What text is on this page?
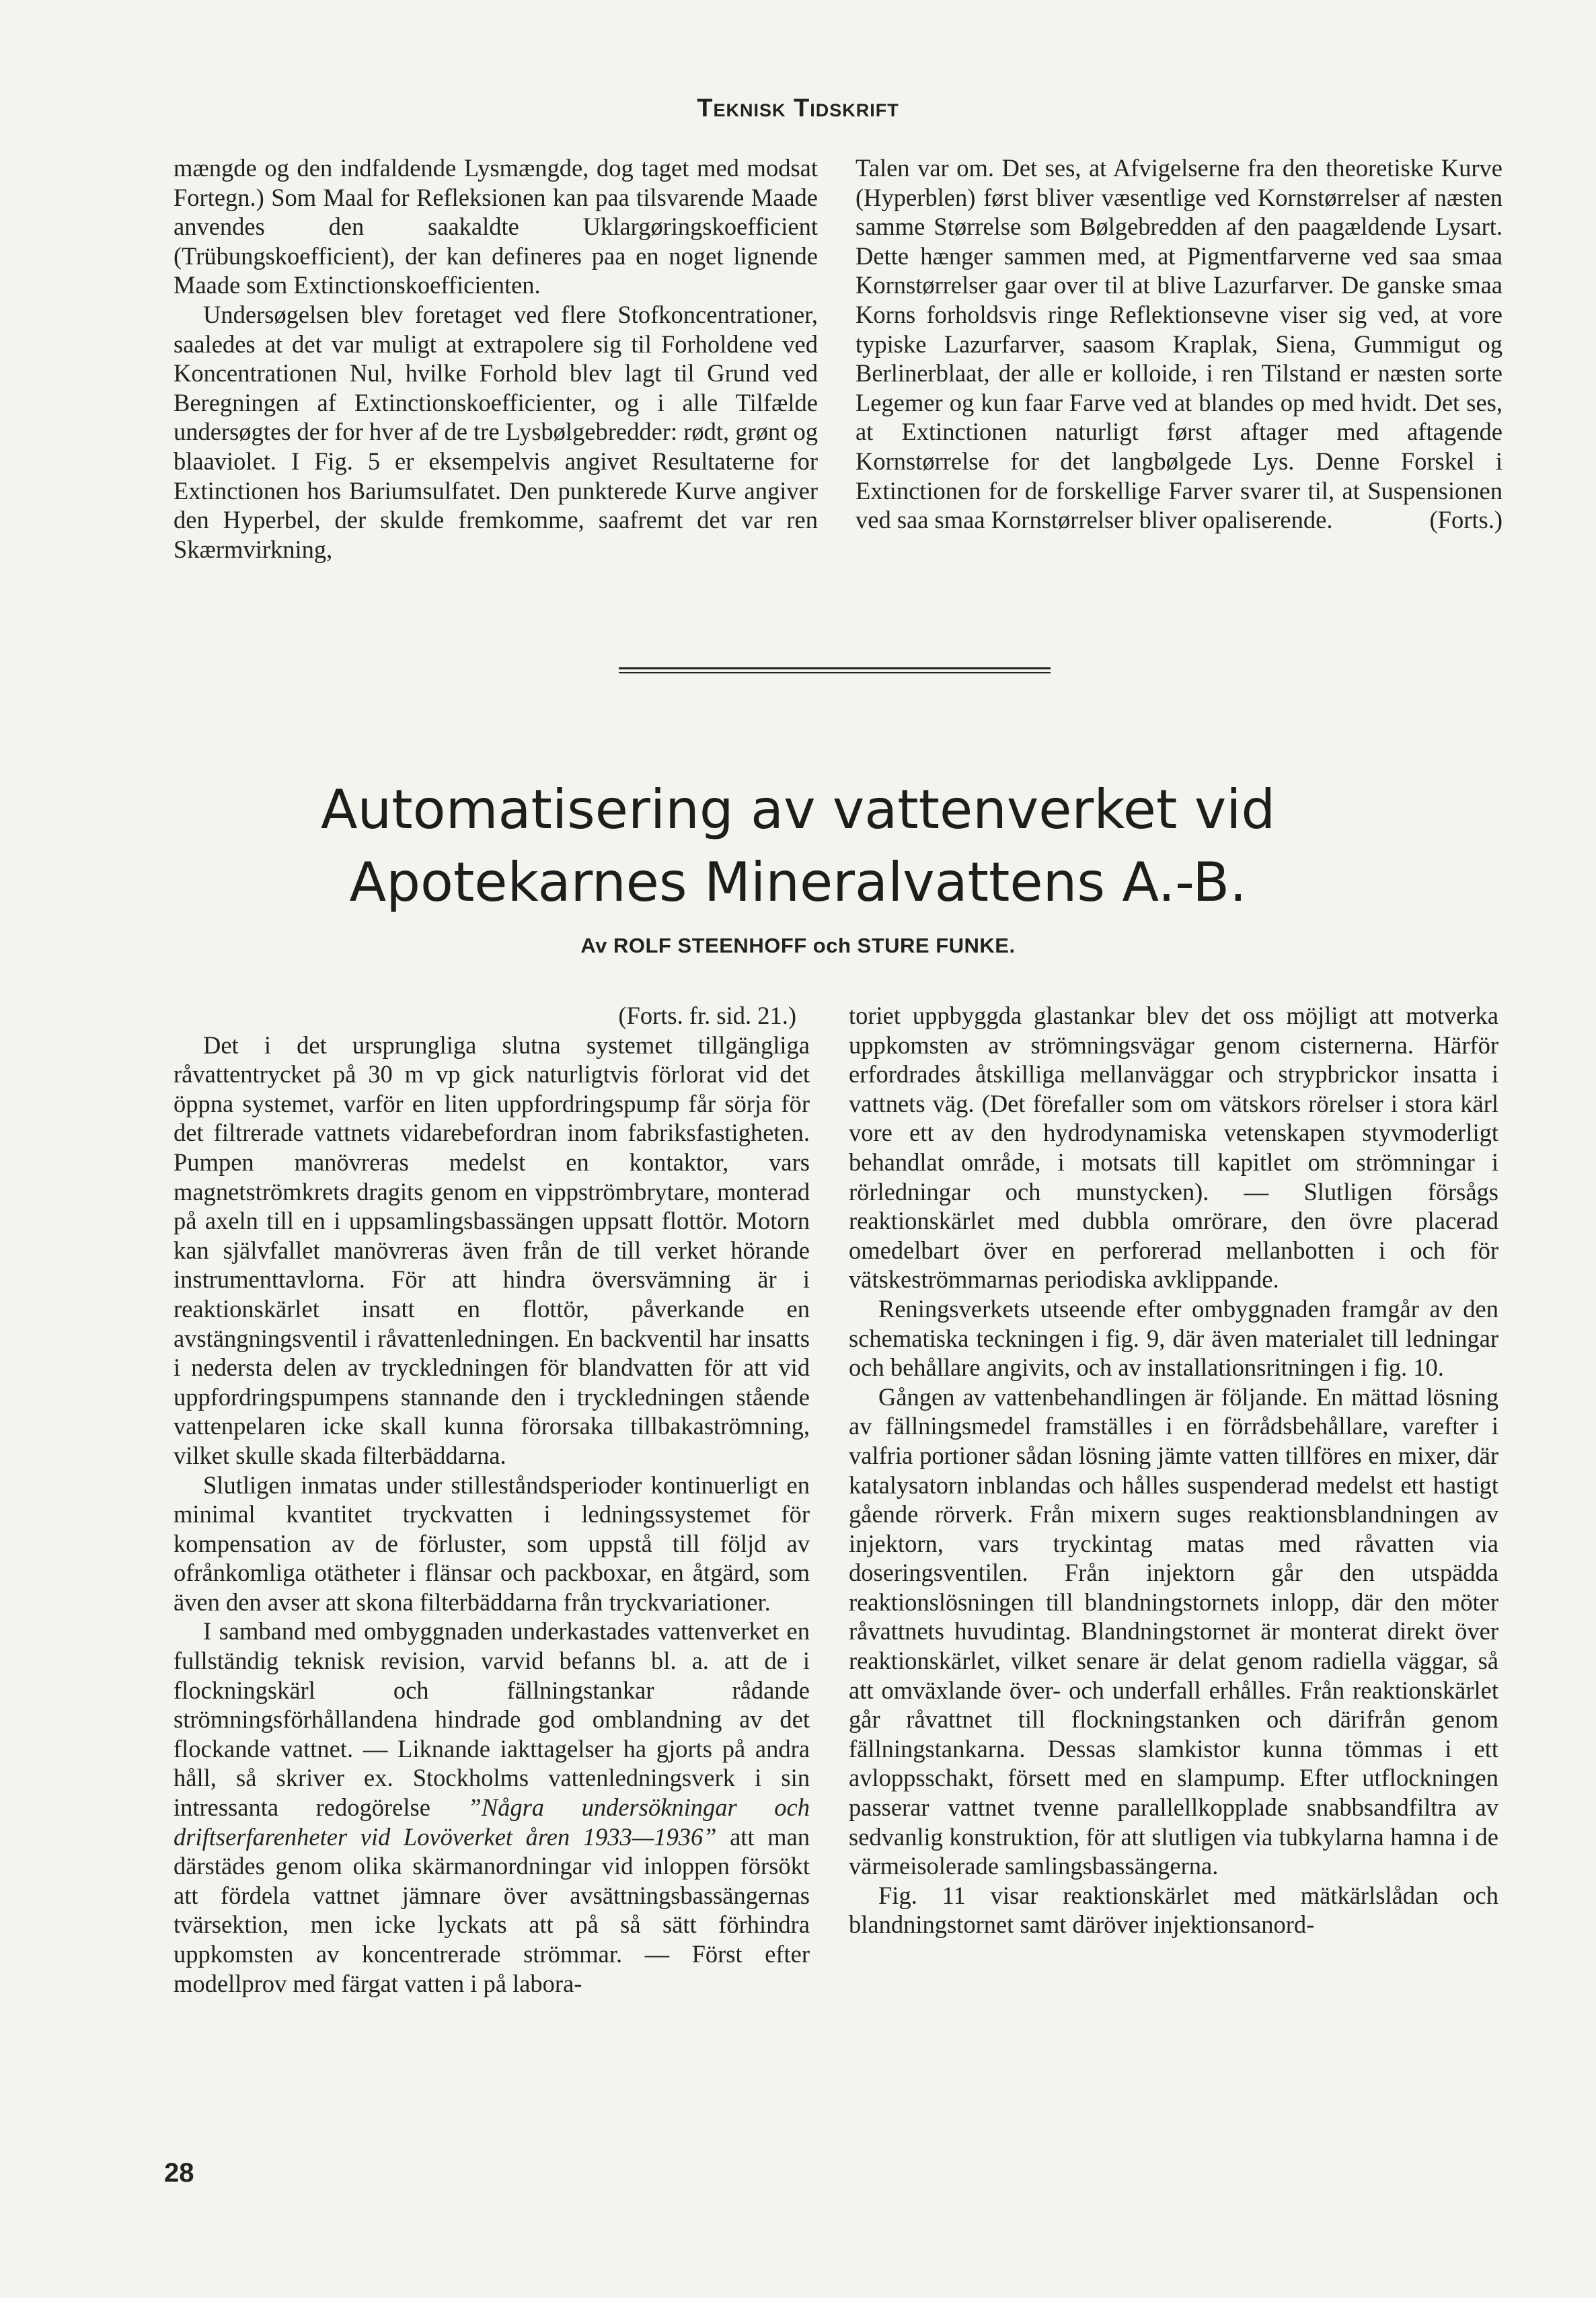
Teknisk Tidskrift

mængde og den indfaldende Lysmængde, dog taget med modsat Fortegn.) Som Maal for Refleksionen kan paa tilsvarende Maade anvendes den saakaldte Uklargøringskoefficient (Trübungskoefficient), der kan defineres paa en noget lignende Maade som Extinctionskoefficienten.

Undersøgelsen blev foretaget ved flere Stofkoncentrationer, saaledes at det var muligt at extrapolere sig til Forholdene ved Koncentrationen Nul, hvilke Forhold blev lagt til Grund ved Beregningen af Extinctionskoefficienter, og i alle Tilfælde undersøgtes der for hver af de tre Lysbølgebredder: rødt, grønt og blaaviolet. I Fig. 5 er eksempelvis angivet Resultaterne for Extinctionen hos Bariumsulfatet. Den punkterede Kurve angiver den Hyperbel, der skulde fremkomme, saafremt det var ren Skærmvirkning,

Talen var om. Det ses, at Afvigelserne fra den theoretiske Kurve (Hyperblen) først bliver væsentlige ved Kornstørrelser af næsten samme Størrelse som Bølgebredden af den paagældende Lysart. Dette hænger sammen med, at Pigmentfarverne ved saa smaa Kornstørrelser gaar over til at blive Lazurfarver. De ganske smaa Korns forholdsvis ringe Reflektionsevne viser sig ved, at vore typiske Lazurfarver, saasom Kraplak, Siena, Gummigut og Berlinerblaat, der alle er kolloide, i ren Tilstand er næsten sorte Legemer og kun faar Farve ved at blandes op med hvidt. Det ses, at Extinctionen naturligt først aftager med aftagende Kornstørrelse for det langbølgede Lys. Denne Forskel i Extinctionen for de forskellige Farver svarer til, at Suspensionen ved saa smaa Kornstørrelser bliver opaliserende.	(Forts.)

Automatisering av vattenverket vid
Apotekarnes Mineralvattens A.-B.
Av ROLF STEENHOFF och STURE FUNKE.

(Forts. fr. sid. 21.)

Det i det ursprungliga slutna systemet tillgängliga råvattentrycket på 30 m vp gick naturligtvis förlorat vid det öppna systemet, varför en liten uppfordringspump får sörja för det filtrerade vattnets vidarebefordran inom fabriksfastigheten. Pumpen manövreras medelst en kontaktor, vars magnetströmkrets dragits genom en vippströmbrytare, monterad på axeln till en i uppsamlingsbassängen uppsatt flottör. Motorn kan självfallet manövreras även från de till verket hörande instrumenttavlorna. För att hindra översvämning är i reaktionskärlet insatt en flottör, påverkande en avstängningsventil i råvattenledningen. En backventil har insatts i nedersta delen av tryckledningen för blandvatten för att vid uppfordringspumpens stannande den i tryckledningen stående vattenpelaren icke skall kunna förorsaka tillbakaströmning, vilket skulle skada filterbäddarna.

Slutligen inmatas under stilleståndsperioder kontinuerligt en minimal kvantitet tryckvatten i ledningssystemet för kompensation av de förluster, som uppstå till följd av ofrånkomliga otätheter i flänsar och packboxar, en åtgärd, som även den avser att skona filterbäddarna från tryckvariationer.

I samband med ombyggnaden underkastades vattenverket en fullständig teknisk revision, varvid befanns bl. a. att de i flockningskärl och fällningstankar rådande strömningsförhållandena hindrade god omblandning av det flockande vattnet. — Liknande iakttagelser ha gjorts på andra håll, så skriver ex. Stockholms vattenledningsverk i sin intressanta redogörelse ”Några undersökningar och driftserfarenheter vid Lovöverket åren 1933—1936” att man därstädes genom olika skärmanordningar vid inloppen försökt att fördela vattnet jämnare över avsättningsbassängernas tvärsektion, men icke lyckats att på så sätt förhindra uppkomsten av koncentrerade strömmar. — Först efter modellprov med färgat vatten i på labora-

toriet uppbyggda glastankar blev det oss möjligt att motverka uppkomsten av strömningsvägar genom cisternerna. Härför erfordrades åtskilliga mellanväggar och strypbrickor insatta i vattnets väg. (Det förefaller som om vätskors rörelser i stora kärl vore ett av den hydrodynamiska vetenskapen styvmoderligt behandlat område, i motsats till kapitlet om strömningar i rörledningar och munstycken). — Slutligen försågs reaktionskärlet med dubbla omrörare, den övre placerad omedelbart över en perforerad mellanbotten i och för vätskeströmmarnas periodiska avklippande.

Reningsverkets utseende efter ombyggnaden framgår av den schematiska teckningen i fig. 9, där även materialet till ledningar och behållare angivits, och av installationsritningen i fig. 10.

Gången av vattenbehandlingen är följande. En mättad lösning av fällningsmedel framställes i en förrådsbehållare, varefter i valfria portioner sådan lösning jämte vatten tillföres en mixer, där katalysatorn inblandas och hålles suspenderad medelst ett hastigt gående rörverk. Från mixern suges reaktionsblandningen av injektorn, vars tryckintag matas med råvatten via doseringsventilen. Från injektorn går den utspädda reaktionslösningen till blandningstornets inlopp, där den möter råvattnets huvudintag. Blandningstornet är monterat direkt över reaktionskärlet, vilket senare är delat genom radiella väggar, så att omväxlande över- och underfall erhålles. Från reaktionskärlet går råvattnet till flockningstanken och därifrån genom fällningstankarna. Dessas slamkistor kunna tömmas i ett avloppsschakt, försett med en slampump. Efter utflockningen passerar vattnet tvenne parallellkopplade snabbsandfiltra av sedvanlig konstruktion, för att slutligen via tubkylarna hamna i de värmeisolerade samlingsbassängerna.

Fig. 11 visar reaktionskärlet med mätkärlslådan och blandningstornet samt däröver injektionsanord-

28
